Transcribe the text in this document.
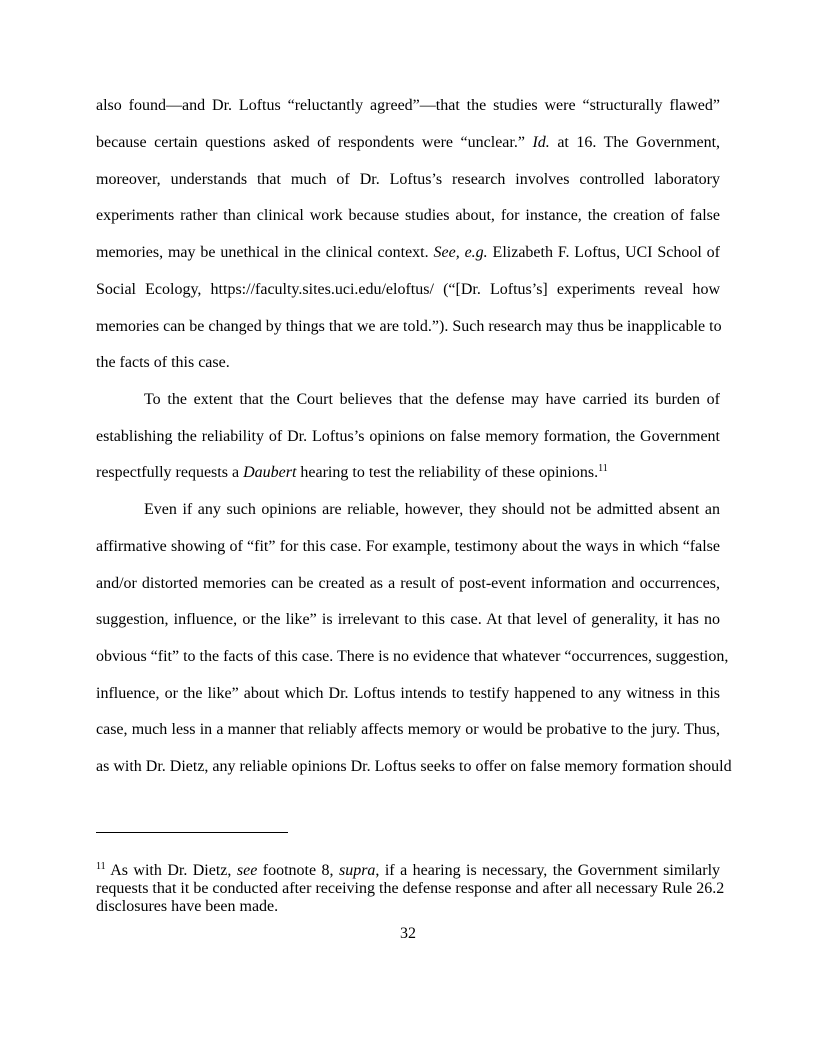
also found—and Dr. Loftus “reluctantly agreed”—that the studies were “structurally flawed”
because certain questions asked of respondents were “unclear.” Id. at 16. The Government,
moreover, understands that much of Dr. Loftus’s research involves controlled laboratory
experiments rather than clinical work because studies about, for instance, the creation of false
memories, may be unethical in the clinical context. See, e.g. Elizabeth F. Loftus, UCI School of
Social Ecology, https://faculty.sites.uci.edu/eloftus/ (“[Dr. Loftus’s] experiments reveal how
memories can be changed by things that we are told.”). Such research may thus be inapplicable to
the facts of this case.
To the extent that the Court believes that the defense may have carried its burden of
establishing the reliability of Dr. Loftus’s opinions on false memory formation, the Government
respectfully requests a Daubert hearing to test the reliability of these opinions.$^{11}$
Even if any such opinions are reliable, however, they should not be admitted absent an
affirmative showing of “fit” for this case. For example, testimony about the ways in which “false
and/or distorted memories can be created as a result of post-event information and occurrences,
suggestion, influence, or the like” is irrelevant to this case. At that level of generality, it has no
obvious “fit” to the facts of this case. There is no evidence that whatever “occurrences, suggestion,
influence, or the like” about which Dr. Loftus intends to testify happened to any witness in this
case, much less in a manner that reliably affects memory or would be probative to the jury. Thus,
as with Dr. Dietz, any reliable opinions Dr. Loftus seeks to offer on false memory formation should
$^{11}$ As with Dr. Dietz, see footnote 8, supra, if a hearing is necessary, the Government similarly
requests that it be conducted after receiving the defense response and after all necessary Rule 26.2
disclosures have been made.
32
